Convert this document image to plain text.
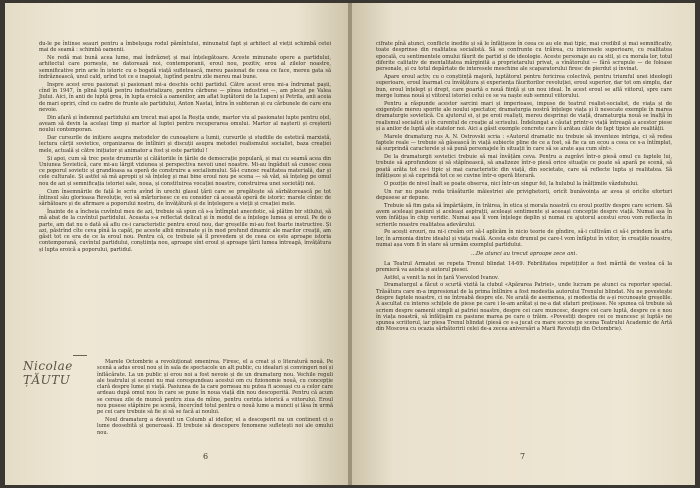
du-le pe întinse seauri pentru a îmbelșuga rodul pămîntului, minunatul fapt și arhitect al vieții schimbă cetei mai de seamă : schimbă oamenii.

Ne redă mai bună acea lume, mai îndrăzneț și mai înțelegătoare. Aceste minunate opere a partidului, arhitectul care pornește, ne datorează noi, contemporanii, eroul nou, pozitiv, erou al zilelor noastre, semnificative prin arie în istoric cu o bogată viață sufletească, mereu pasionat de ceea ce face, mereu gata să îndrăznească, unul cald, urînd tot ce e inapoiat, luptînd pentru zile mereu mai bune.

Inspre acest erou pasionat și pasionant mi-a deschis ochii partidul. Către acest erou mi-a îndrumat pașii, cînd în 1947, în plină luptă pentru industrializare, pentru cărbune — pînea industriei —, am plecat pe Valea Jiului. Aici, în anii de luptă grea, în lupta eroică a oamenilor, am aflat luptătorii de la Lupeni și Petrila, anii aceia de mari opriri, cînd cu cadre de frunte ale partidului, Anton Nastai, întra în subteran și cu cărbunele de care era nevoie.

Din afară și îndemnul partidului am trecut mai apoi la Reșița unde, martor viu al pasionatei lupte pentru oțel, aveam să devin la același timp și martor al luptei pentru recuperarea omului. Martor al nașterii și creșterii noului contemporan.

Dar cursurile de inițiere asupra metodelor de cunoaștere a lumii, cursurile și studiile de estetică marxistă, lectura cărții sovietice, organizarea de întîlniri și discuții asupra metodei realismului socialist, baza creației mele, actuală și către inițiator și animator a fost și este partidul !

Și apoi, cum să trec peste drumurile și călătoriile în țările de democrație populară, și mai cu seamă acea din Uniunea Sovietică, care mi-au lărgit viziunea și perspectiva nevoii unei noastre. Mi-au îngăduit să cunosc ceea ce poporul sovietic și grandioasa sa operă de construire a socialismului. Să-i cunosc realitatea materială, dar și cele culturale. Și astfel să mă apropii și să înțeleg și mai bine eroul nou pe scena — să văd, să înțeleg pe omul nou de azi și semnificația istoriei sale, noua, și constituirea vocației noastre, construirea unei societăți noi.

Cum însemnările de față le scriu avînd în urechi glasul țării care se pregătește să sărbătorească pe tot întinsul său glorioasa Revoluție, voi să mărturisesc ce eu consider că această operă de istoric: marele cîntec de sărbătoare și de afirmare a poporului nostru, de învățătură și de înțelegere a vieții și creației mele.

Înainte de a încheia cuvîntul meu de azi, trebuie să spun că s-a întîmplat anecdotic, să plătim bir stilului, să mă abat de la cuvîntul partidului. Aceasta s-a reflectat delicat și în modul de a înțelege lumea și eroul. Pe de o parte, am dat nu o dată să aflu ce-i caracteristic pentru eroul nou, dar greșelile mi-au fost foarte instructive. Și azi, păstrînd cîte ceva pînă la capăt, pe aceste albii minunate și în mod profund dinamic ale marilor creații, am găsit tot ce era de ce la eroul nou. Pentru că, ce trebuie să îl prevedem și de ceea ce este aproape istoria contemporană, cuvîntul partidului, conștiința nou, aproape sînt eroul și aproape țării lumea întreagă, învățătura și lupta eroică a poporului, partidul.

Nicolae ȚĂUTU

Marele Octombrie a revoluționat omenirea. Firesc, el a creat și o literatură nouă. Pe scenă a adus eroul nou și în sala de spectacole un alt public, cu idealuri și convingeri noi și înflăcărate. La un public și erou noi a fost nevoie și de un dramaturg nou. Vechile reguli ale teatrului și scenei nu mai corespundeau acestui om cu fizionomie nouă, cu concepție clară despre lume și viață. Pasiunea de la care porneau nu putea fi aceeași cu a celor care ardeau după omul nou în care se pune în noua viață din nou descoperită. Pentru că acum se cereau zile de muncă pentru ziua de mîine, pentru cerința istorică a viitorului. Eroul nou pusese stăpînire pe scenă, încercînd totul pentru o nouă lume a muncii și lăsa în urmă pe cei care trebuie să fie și să se facă ai noului.

Noul dramaturg a devenit un Columb al ideilor, el a descoperit nu un continent ci o lume deosebită și generoasă. El trebuie să descopere fenomene sufletești noi ale omului nou.

6

cifrate pînă atunci, conflicte inedite și să le înfățișeze în ceea ce au ele mai tipic, mai credibil și mai semnificativ, toate desprinse din realitatea socialistă. Să se confrunte cu trăirea, cu interesele superioare, cu realitatea epocală, cu sentimentele omului făurit de partid și de ideologie. Aceste personaje au ca stil, și cu morala lor, totul diferite calitativ de mentalitatea mărginită a proprietarului privat, a vînătorului — fără scrupule — de foloase personale, și cu totul depărtate de interesele meschine ale scaparatorului firesc de pierdut și învinat.

Apare eroul activ, cu o conștiință majoră, luptătorul pentru fericirea colectivă, pentru triumful unei ideologii superioare, eroul înarmat cu învățătura și experiența făuritorilor revoluției, eroul superior, dar tot om simplu, dar bun, eroul înțelept și drept, care poartă o nouă ființă și un nou ideal. În acest eroul se află viitorul, spre care merge lumea nouă și viitorul istoriei celui ce se va naște sub semnul viitorului.

Pentru a răspunde acestor sarcini mari și imperioase, impuse de teatrul realist-socialist, de viața și de exigențele mereu sporite ale noului spectator, dramaturgia nostră înțelege viața și îi nesecate exemple în marea dramaturgie sovietică. Cu ajutorul ei, și pe eroii realiști, mereu desprinși de viață, dramaturgia nouă se înalță în realismul socialist și în curentul de creație al scrisului. Îndelungat a căutat printr-o viață întreagă a acestor piese și a anilor de luptă ale statelor noi. Aici a găsit exemple concrete care îi arătau căile de fapt tipice ale realității.

Marele dramaturg rus A. N. Ostrovski scria : «Autorul dramatic nu trebuie să inventeze intriga, ci să redea faptele reale — trebuie să găsească în viață subiecte pline de ce a fost, să fie ca un ecou a ceea ce s-a întîmplat, să surprindă caracterele și să pună personajele în situații în care să se arate așa cum sînt».

De la dramaturgii sovietici trebuie să mai învățăm ceva. Pentru a zugrăvi într-o piesă omul cu faptele lui, trebuie să aprofundeze și să stăpînească, să analizeze într-o piesă orice situație ce poate să apară pe scenă, să poată arăta tot ce-i tipic și mai caracteristic din viață, din societate, care să reflecte lupta și realitatea. Să înfățișeze și să cuprindă tot ce se cuvine într-o operă literară.

O poziție de nivel înalt se poate observa, nici într-un singur fel, la hulubul la înălțimile văzduhului.

Un rar nu poate reda trăsăturile măiestriei ale privighetorii, oricît bunăvoința ar avea și oricîte eforturi depusese ar depune.

Trebuie să fim gata să împărtășim, în trăirea, în etica și morala noastră cu eroul pozitiv despre care scriem. Să avem aceleași pasiuni și aceleași aspirații, aceleași sentimente și aceeași concepție despre viață. Numai așa în vom înfățișa în chip veridic. Numai așa îl vom înțelege deplin și numai cu ajutorul acestui erou vom reflecta în scrierile noastre realitatea adevărului.

Pe acești erouri, nu ni-i creăm ori să-l aplicăm în nicio teorie de gîndire, să-i cultivăm ci să-i prindem în arta lor, în armonia dintre idealul și viața reală. Acesta este drumul pe care-l vom înfăptui în viitor, în creațiile noastre, numai așa vom fi în stare să urmăm exemplul partidului.

...De atunci au trecut aproape zece ani.

La Teatrul Armatei se repeta Trenul blindat 14-69. Febrilitatea repetițiilor a fost mărită de vestea că la premieră va asista și autorul piesei.

Astfel, a venit la noi în țară Vsevolod Ivanov.

Dramaturgul a făcut o scurtă vizită la clubul «Apărarea Patriei», unde lucram pe atunci ca reporter special. Trăsătura care m-a impresionat de la prima întîlnire a fost modestia autorului Trenului blindat. Nu ne povestește despre faptele noastre, ci ne întreabă despre ele. Ne arată de asemenea, și modestia de a-și recunoaște greșelile. A ascultat cu interes schițele de piese pe care i le-am arătat și ne-a dat sfaturi prețioase. Ne spunea că trebuie să scriem despre oamenii simpli ai patriei noastre, despre cei care muncesc, despre cei care luptă, despre ce e nou în viața noastră, să înfățișăm cu pasiune marea pe care o trăim. «Povestiți despre cei ce muncesc și luptă» ne spunea scriitorul, iar piesa Trenul blindat (piesă ce s-a jucat cu mare succes pe scena Teatrului Academic de Artă din Moscova cu ocazia sărbătoririi celei de-a zecea aniversări a Marii Revoluții din Octombrie).

7
